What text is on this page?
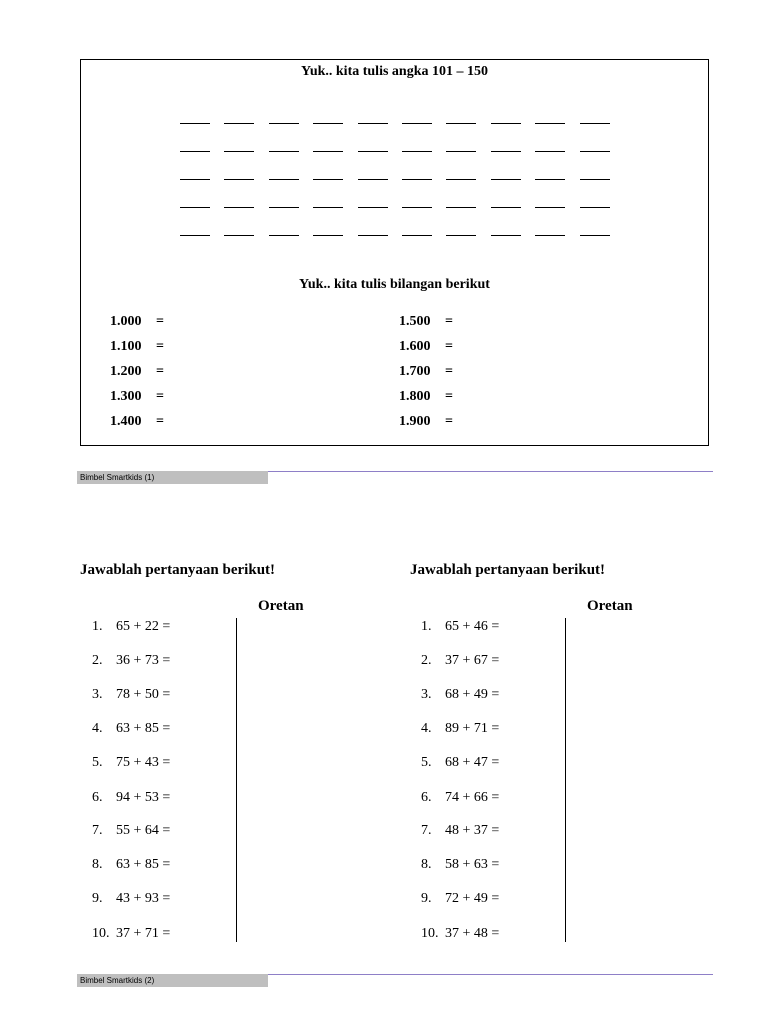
Yuk.. kita tulis angka 101 – 150
Yuk.. kita tulis bilangan berikut
1.000 =
1.100 =
1.200 =
1.300 =
1.400 =
1.500 =
1.600 =
1.700 =
1.800 =
1.900 =
Bimbel Smartkids (1)
Jawablah pertanyaan berikut!
Oretan
1. 65 + 22 =
2. 36 + 73 =
3. 78 + 50 =
4. 63 + 85 =
5. 75 + 43 =
6. 94 + 53 =
7. 55 + 64 =
8. 63 + 85 =
9. 43 + 93 =
10. 37 + 71 =
Jawablah pertanyaan berikut!
Oretan
1. 65 + 46 =
2. 37 + 67 =
3. 68 + 49 =
4. 89 + 71 =
5. 68 + 47 =
6. 74 + 66 =
7. 48 + 37 =
8. 58 + 63 =
9. 72 + 49 =
10. 37 + 48 =
Bimbel Smartkids (2)
